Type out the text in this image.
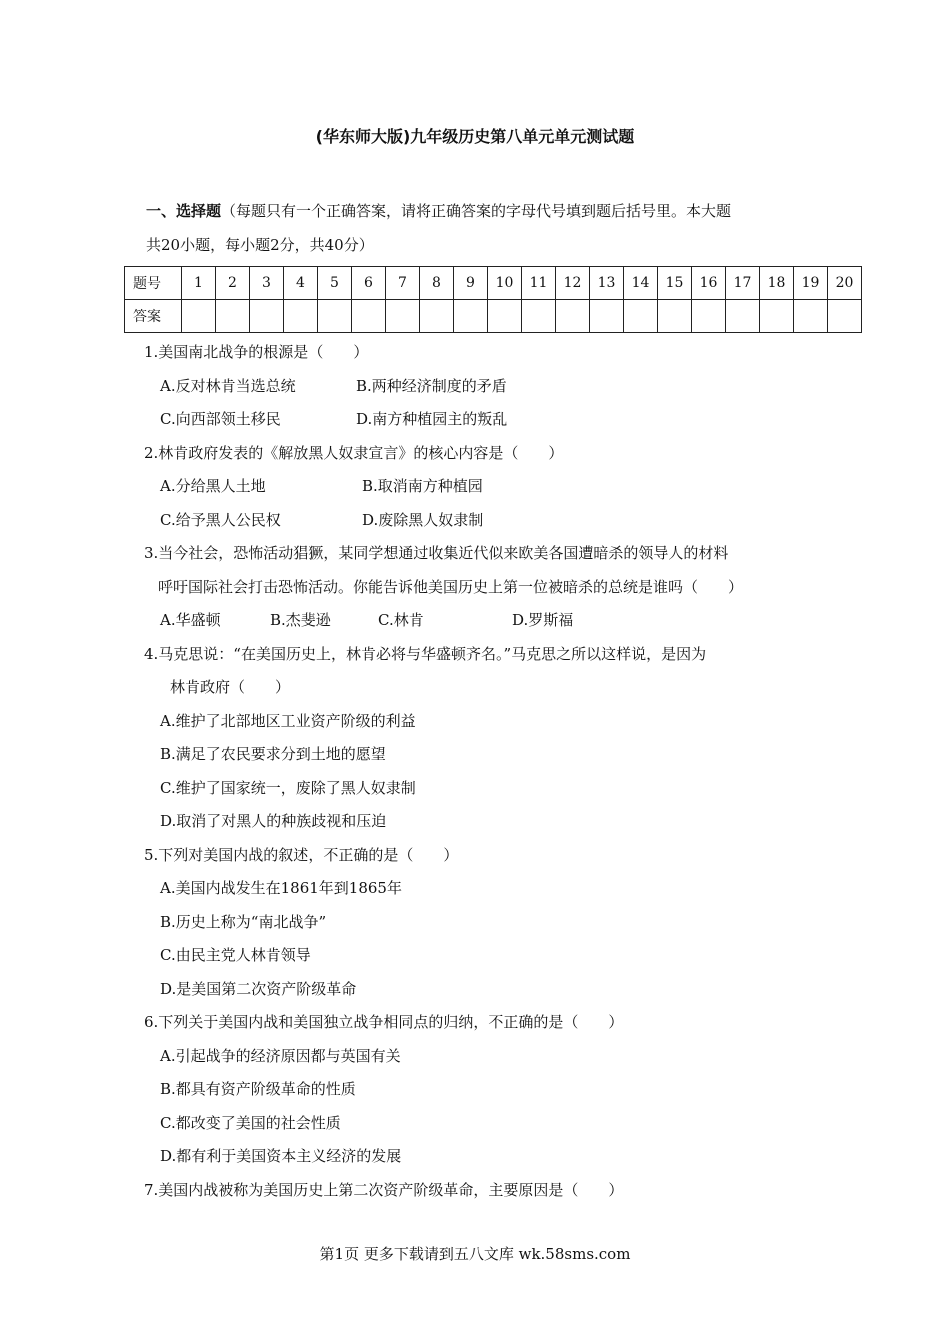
(华东师大版)九年级历史第八单元单元测试题
一、选择题（每题只有一个正确答案，请将正确答案的字母代号填到题后括号里。本大题
共20小题，每小题2分，共40分）
题号	1	2	3	4	5	6	7	8	9	10	11	12	13	14	15	16	17	18	19	20
答案																				
1.美国南北战争的根源是（　　）
A.反对林肯当选总统	B.两种经济制度的矛盾
C.向西部领土移民	D.南方种植园主的叛乱
2.林肯政府发表的《解放黑人奴隶宣言》的核心内容是（　　）
A.分给黑人土地	B.取消南方种植园
C.给予黑人公民权	D.废除黑人奴隶制
3.当今社会，恐怖活动猖獗，某同学想通过收集近代似来欧美各国遭暗杀的领导人的材料
呼吁国际社会打击恐怖活动。你能告诉他美国历史上第一位被暗杀的总统是谁吗（　　）
A.华盛顿	B.杰斐逊	C.林肯	D.罗斯福
4.马克思说：“在美国历史上，林肯必将与华盛顿齐名。”马克思之所以这样说，是因为
林肯政府（　　）
A.维护了北部地区工业资产阶级的利益
B.满足了农民要求分到土地的愿望
C.维护了国家统一，废除了黑人奴隶制
D.取消了对黑人的种族歧视和压迫
5.下列对美国内战的叙述，不正确的是（　　）
A.美国内战发生在1861年到1865年
B.历史上称为“南北战争”
C.由民主党人林肯领导
D.是美国第二次资产阶级革命
6.下列关于美国内战和美国独立战争相同点的归纳，不正确的是（　　）
A.引起战争的经济原因都与英国有关
B.都具有资产阶级革命的性质
C.都改变了美国的社会性质
D.都有利于美国资本主义经济的发展
7.美国内战被称为美国历史上第二次资产阶级革命，主要原因是（　　）
第1页 更多下载请到五八文库 wk.58sms.com
